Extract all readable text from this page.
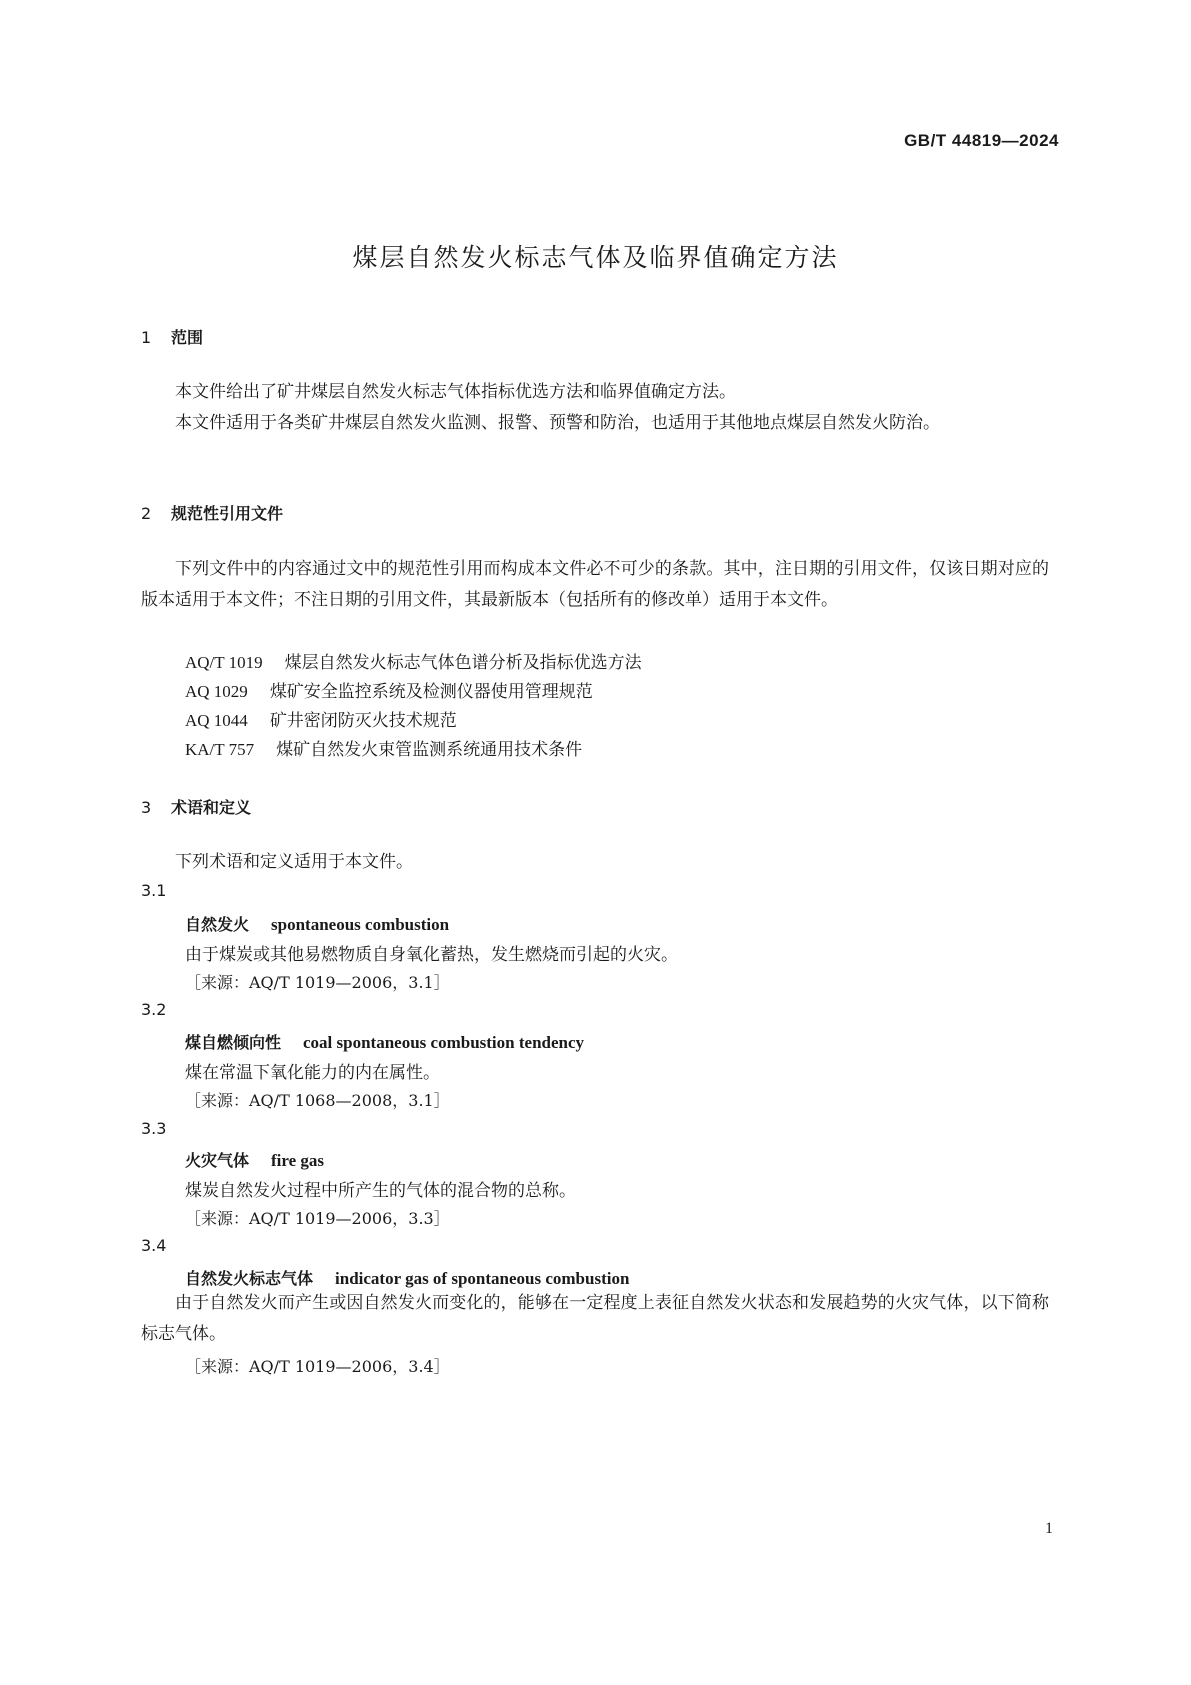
GB/T 44819—2024
煤层自然发火标志气体及临界值确定方法
1 范围
本文件给出了矿井煤层自然发火标志气体指标优选方法和临界值确定方法。
本文件适用于各类矿井煤层自然发火监测、报警、预警和防治，也适用于其他地点煤层自然发火防治。
2 规范性引用文件
下列文件中的内容通过文中的规范性引用而构成本文件必不可少的条款。其中，注日期的引用文件，仅该日期对应的版本适用于本文件；不注日期的引用文件，其最新版本（包括所有的修改单）适用于本文件。
AQ/T 1019 煤层自然发火标志气体色谱分析及指标优选方法
AQ 1029 煤矿安全监控系统及检测仪器使用管理规范
AQ 1044 矿井密闭防灭火技术规范
KA/T 757 煤矿自然发火束管监测系统通用技术条件
3 术语和定义
下列术语和定义适用于本文件。
3.1
自然发火 spontaneous combustion
由于煤炭或其他易燃物质自身氧化蓄热，发生燃烧而引起的火灾。
［来源：AQ/T 1019—2006，3.1］
3.2
煤自燃倾向性 coal spontaneous combustion tendency
煤在常温下氧化能力的内在属性。
［来源：AQ/T 1068—2008，3.1］
3.3
火灾气体 fire gas
煤炭自然发火过程中所产生的气体的混合物的总称。
［来源：AQ/T 1019—2006，3.3］
3.4
自然发火标志气体 indicator gas of spontaneous combustion
由于自然发火而产生或因自然发火而变化的，能够在一定程度上表征自然发火状态和发展趋势的火灾气体，以下简称标志气体。
［来源：AQ/T 1019—2006，3.4］
1
